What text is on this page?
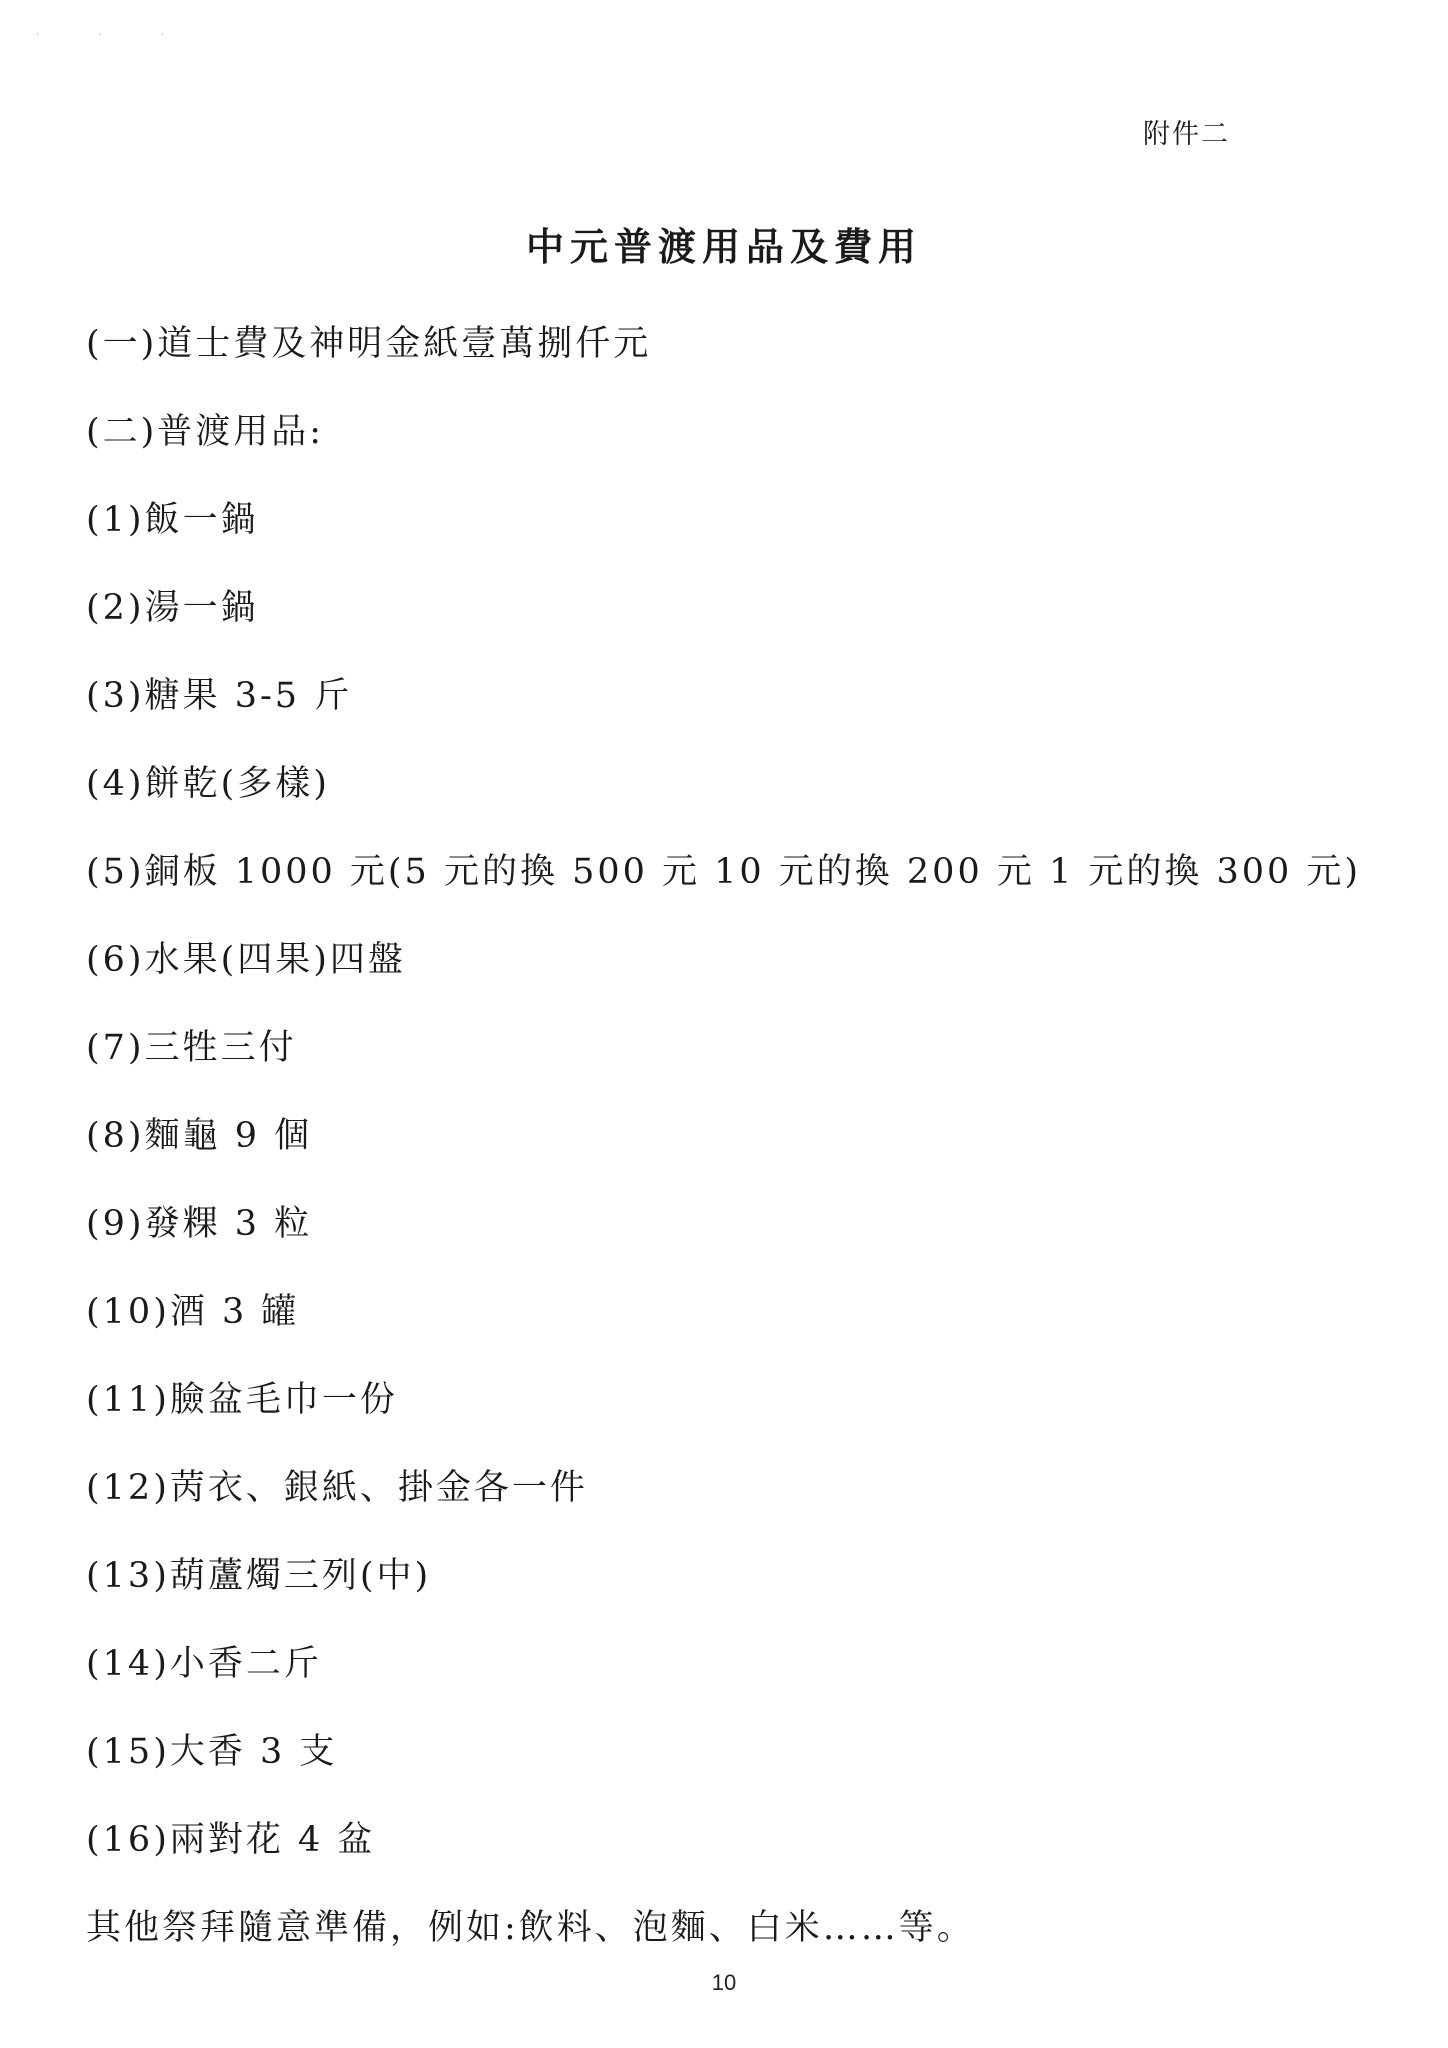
· · ·
附件二
中元普渡用品及費用
(一)道士費及神明金紙壹萬捌仟元
(二)普渡用品:
(1)飯一鍋
(2)湯一鍋
(3)糖果 3-5 斤
(4)餅乾(多樣)
(5)銅板 1000 元(5 元的換 500 元 10 元的換 200 元 1 元的換 300 元)
(6)水果(四果)四盤
(7)三牲三付
(8)麵龜 9 個
(9)發粿 3 粒
(10)酒 3 罐
(11)臉盆毛巾一份
(12)苪衣、銀紙、掛金各一件
(13)葫蘆燭三列(中)
(14)小香二斤
(15)大香 3 支
(16)兩對花 4 盆
其他祭拜隨意準備，例如:飲料、泡麵、白米……等。
10
